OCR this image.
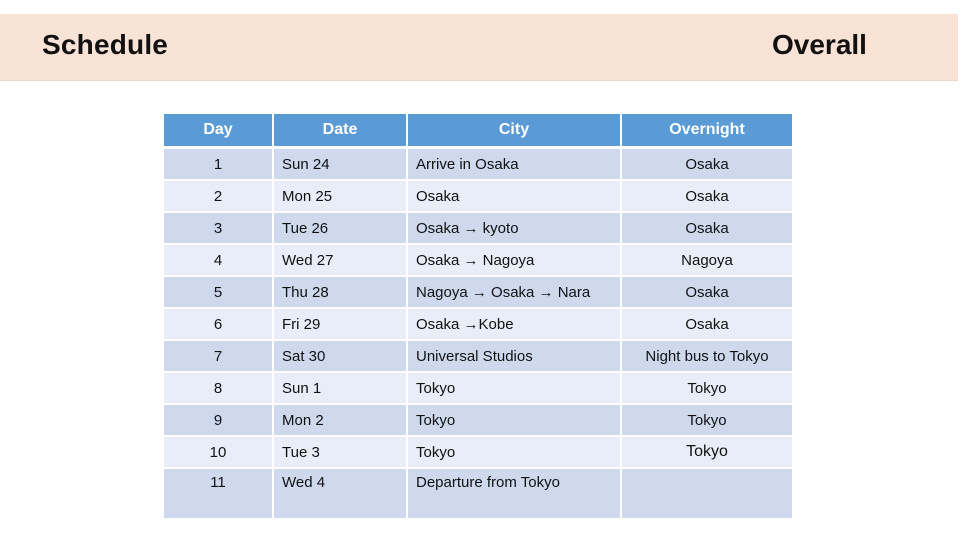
Schedule	Overall
Day	Date	City	Overnight
1	Sun 24	Arrive in Osaka	Osaka
2	Mon 25	Osaka	Osaka
3	Tue 26	Osaka → kyoto	Osaka
4	Wed 27	Osaka → Nagoya	Nagoya
5	Thu 28	Nagoya → Osaka → Nara	Osaka
6	Fri 29	Osaka →Kobe	Osaka
7	Sat 30	Universal Studios	Night bus to Tokyo
8	Sun 1	Tokyo	Tokyo
9	Mon 2	Tokyo	Tokyo
10	Tue 3	Tokyo	Tokyo
11	Wed 4	Departure from Tokyo	
